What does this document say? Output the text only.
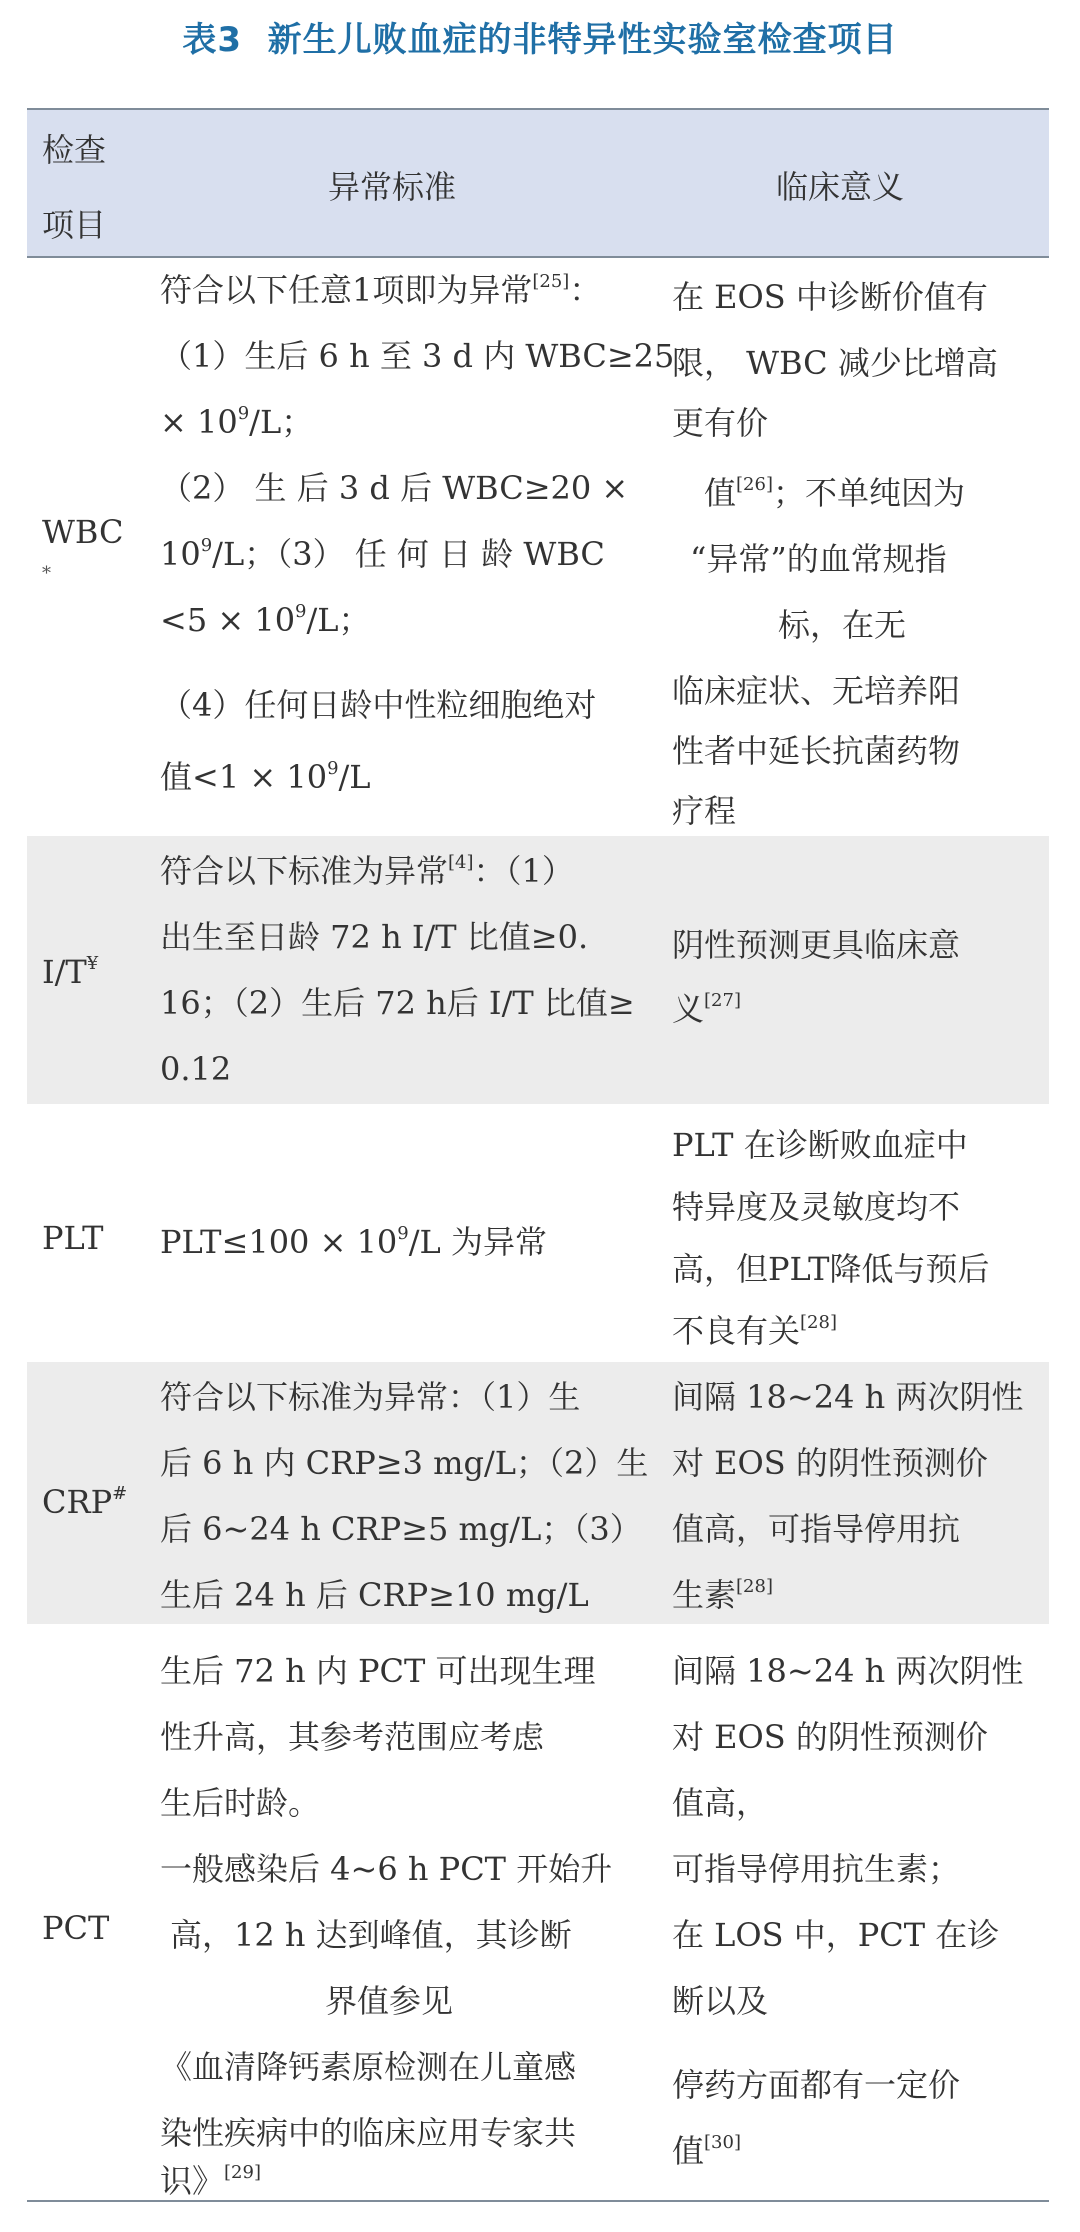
表3  新生儿败血症的非特异性实验室检查项目
检查
项目
异常标准	临床意义
WBC
*
I/T¥
PLT
CRP#
PCT
符合以下任意1项即为异常[25]：
（1）生后 6 h 至 3 d 内 WBC≥25
× $10^9/L$；
（2） 生 后 3 d 后 WBC≥20 ×
$10^9/L$；（3） 任 何 日 龄 WBC
$<5 \times 10^9/L$；
（4）任何日龄中性粒细胞绝对
值$<1 \times 10^9/L$
符合以下标准为异常[4]：（1）
出生至日龄 72 h I/T 比值≥0.
16；（2）生后 72 h后 I/T 比值≥
0.12
$PLT\le 100 \times 10^9/L$ 为异常
符合以下标准为异常：（1）生
后 6 h 内 CRP≥3 mg/L；（2）生
后 6~24 h CRP≥5 mg/L；（3）
生后 24 h 后 CRP≥10 mg/L
生后 72 h 内 PCT 可出现生理
性升高，其参考范围应考虑
生后时龄。
一般感染后 4~6 h PCT 开始升
高，12 h 达到峰值，其诊断
界值参见
《血清降钙素原检测在儿童感
染性疾病中的临床应用专家共
识》[29]
在 EOS 中诊断价值有
限， WBC 减少比增高
更有价
值[26]；不单纯因为
“异常”的血常规指
标，在无
临床症状、无培养阳
性者中延长抗菌药物
疗程
阴性预测更具临床意
义[27]
PLT 在诊断败血症中
特异度及灵敏度均不
高，但PLT降低与预后
不良有关[28]
间隔 18~24 h 两次阴性
对 EOS 的阴性预测价
值高，可指导停用抗
生素[28]
间隔 18~24 h 两次阴性
对 EOS 的阴性预测价
值高，
可指导停用抗生素；
在 LOS 中，PCT 在诊
断以及
停药方面都有一定价
值[30]
